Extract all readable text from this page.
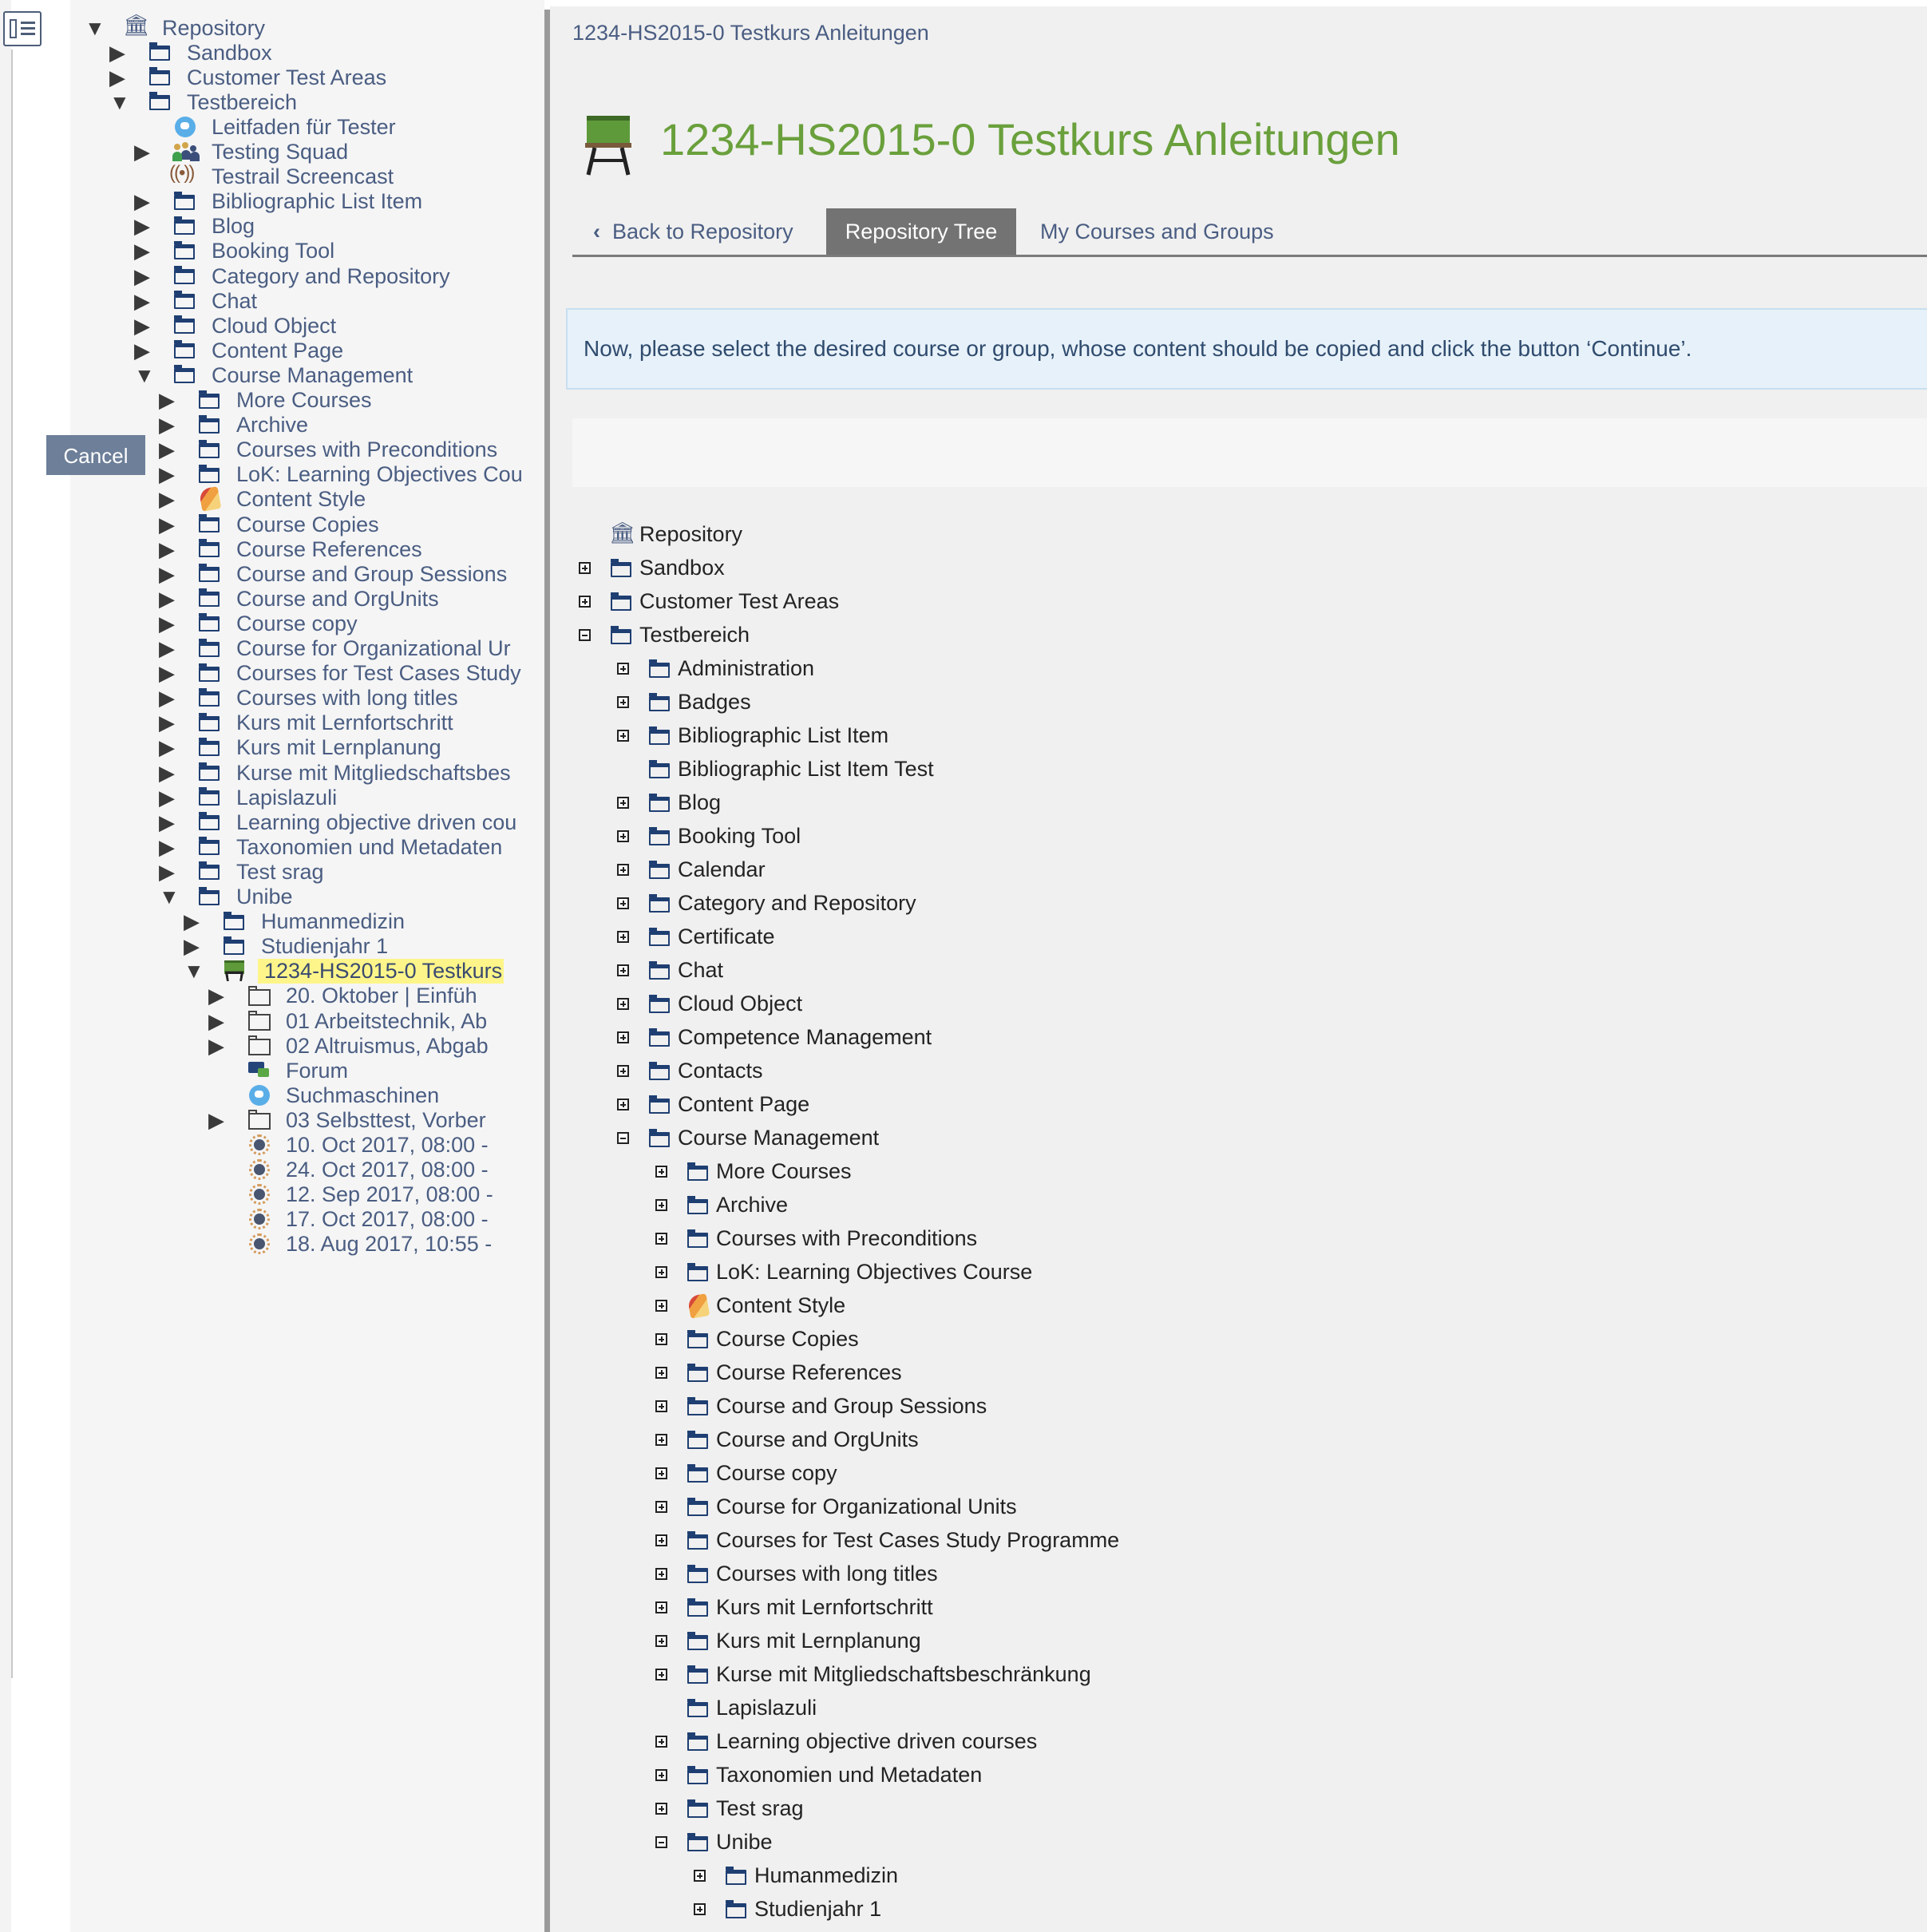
▼
🏛	Repository
▶	Sandbox
▶	Customer Test Areas
▼	Testbereich
Leitfaden für Tester
▶	Testing Squad
((•))
Testrail Screencast
▶	Bibliographic List Item
▶	Blog
▶	Booking Tool
▶	Category and Repository
▶	Chat
▶	Cloud Object
▶	Content Page
▼	Course Management
▶	More Courses
▶	Archive
▶	Courses with Preconditions
▶	LoK: Learning Objectives Cou
▶	Content Style
▶	Course Copies
▶	Course References
▶	Course and Group Sessions
▶	Course and OrgUnits
▶	Course copy
▶	Course for Organizational Ur
▶	Courses for Test Cases Study
▶	Courses with long titles
▶	Kurs mit Lernfortschritt
▶	Kurs mit Lernplanung
▶	Kurse mit Mitgliedschaftsbes
▶	Lapislazuli
▶	Learning objective driven cou
▶	Taxonomien und Metadaten
▶	Test srag
▼	Unibe
▶	Humanmedizin
▶	Studienjahr 1
▼	1234-HS2015-0 Testkurs
▶	20. Oktober | Einfüh
▶	01 Arbeitstechnik, Ab
▶	02 Altruismus, Abgab
Forum
Suchmaschinen
▶	03 Selbsttest, Vorber
10. Oct 2017, 08:00 -
24. Oct 2017, 08:00 -
12. Sep 2017, 08:00 -
17. Oct 2017, 08:00 -
18. Aug 2017, 10:55 -
1234-HS2015-0 Testkurs Anleitungen
1234-HS2015-0 Testkurs Anleitungen
‹ Back to Repository	Repository Tree	My Courses and Groups
Now, please select the desired course or group, whose content should be copied and click the button ‘Continue’.
🏛
Repository
Sandbox
Customer Test Areas
Testbereich
Administration
Badges
Bibliographic List Item
Bibliographic List Item Test
Blog
Booking Tool
Calendar
Category and Repository
Certificate
Chat
Cloud Object
Competence Management
Contacts
Content Page
Course Management
More Courses
Archive
Courses with Preconditions
LoK: Learning Objectives Course
Content Style
Course Copies
Course References
Course and Group Sessions
Course and OrgUnits
Course copy
Course for Organizational Units
Courses for Test Cases Study Programme
Courses with long titles
Kurs mit Lernfortschritt
Kurs mit Lernplanung
Kurse mit Mitgliedschaftsbeschränkung
Lapislazuli
Learning objective driven courses
Taxonomien und Metadaten
Test srag
Unibe
Humanmedizin
Studienjahr 1
Cancel
